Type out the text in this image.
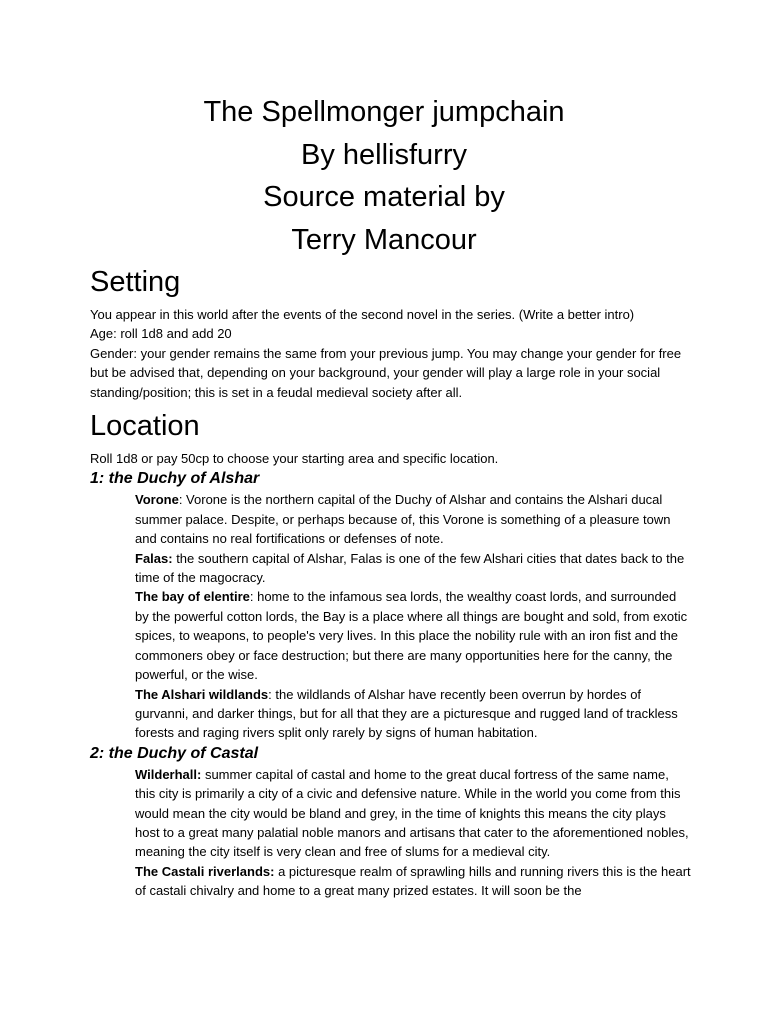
The Spellmonger jumpchain

By hellisfurry

Source material by

Terry Mancour

Setting

You appear in this world after the events of the second novel in the series. (Write a better intro)

Age: roll 1d8 and add 20

Gender: your gender remains the same from your previous jump. You may change your gender for free but be advised that, depending on your background, your gender will play a large role in your social standing/position; this is set in a feudal medieval society after all.

Location

Roll 1d8 or pay 50cp to choose your starting area and specific location.

1: the Duchy of Alshar

Vorone: Vorone is the northern capital of the Duchy of Alshar and contains the Alshari ducal summer palace. Despite, or perhaps because of, this Vorone is something of a pleasure town and contains no real fortifications or defenses of note.

Falas: the southern capital of Alshar, Falas is one of the few Alshari cities that dates back to the time of the magocracy.

The bay of elentire: home to the infamous sea lords, the wealthy coast lords, and surrounded by the powerful cotton lords, the Bay is a place where all things are bought and sold, from exotic spices, to weapons, to people's very lives. In this place the nobility rule with an iron fist and the commoners obey or face destruction; but there are many opportunities here for the canny, the powerful, or the wise.

The Alshari wildlands: the wildlands of Alshar have recently been overrun by hordes of gurvanni, and darker things, but for all that they are a picturesque and rugged land of trackless forests and raging rivers split only rarely by signs of human habitation.

2: the Duchy of Castal

Wilderhall: summer capital of castal and home to the great ducal fortress of the same name, this city is primarily a city of a civic and defensive nature. While in the world you come from this would mean the city would be bland and grey, in the time of knights this means the city plays host to a great many palatial noble manors and artisans that cater to the aforementioned nobles, meaning the city itself is very clean and free of slums for a medieval city.

The Castali riverlands: a picturesque realm of sprawling hills and running rivers this is the heart of castali chivalry and home to a great many prized estates. It will soon be the
